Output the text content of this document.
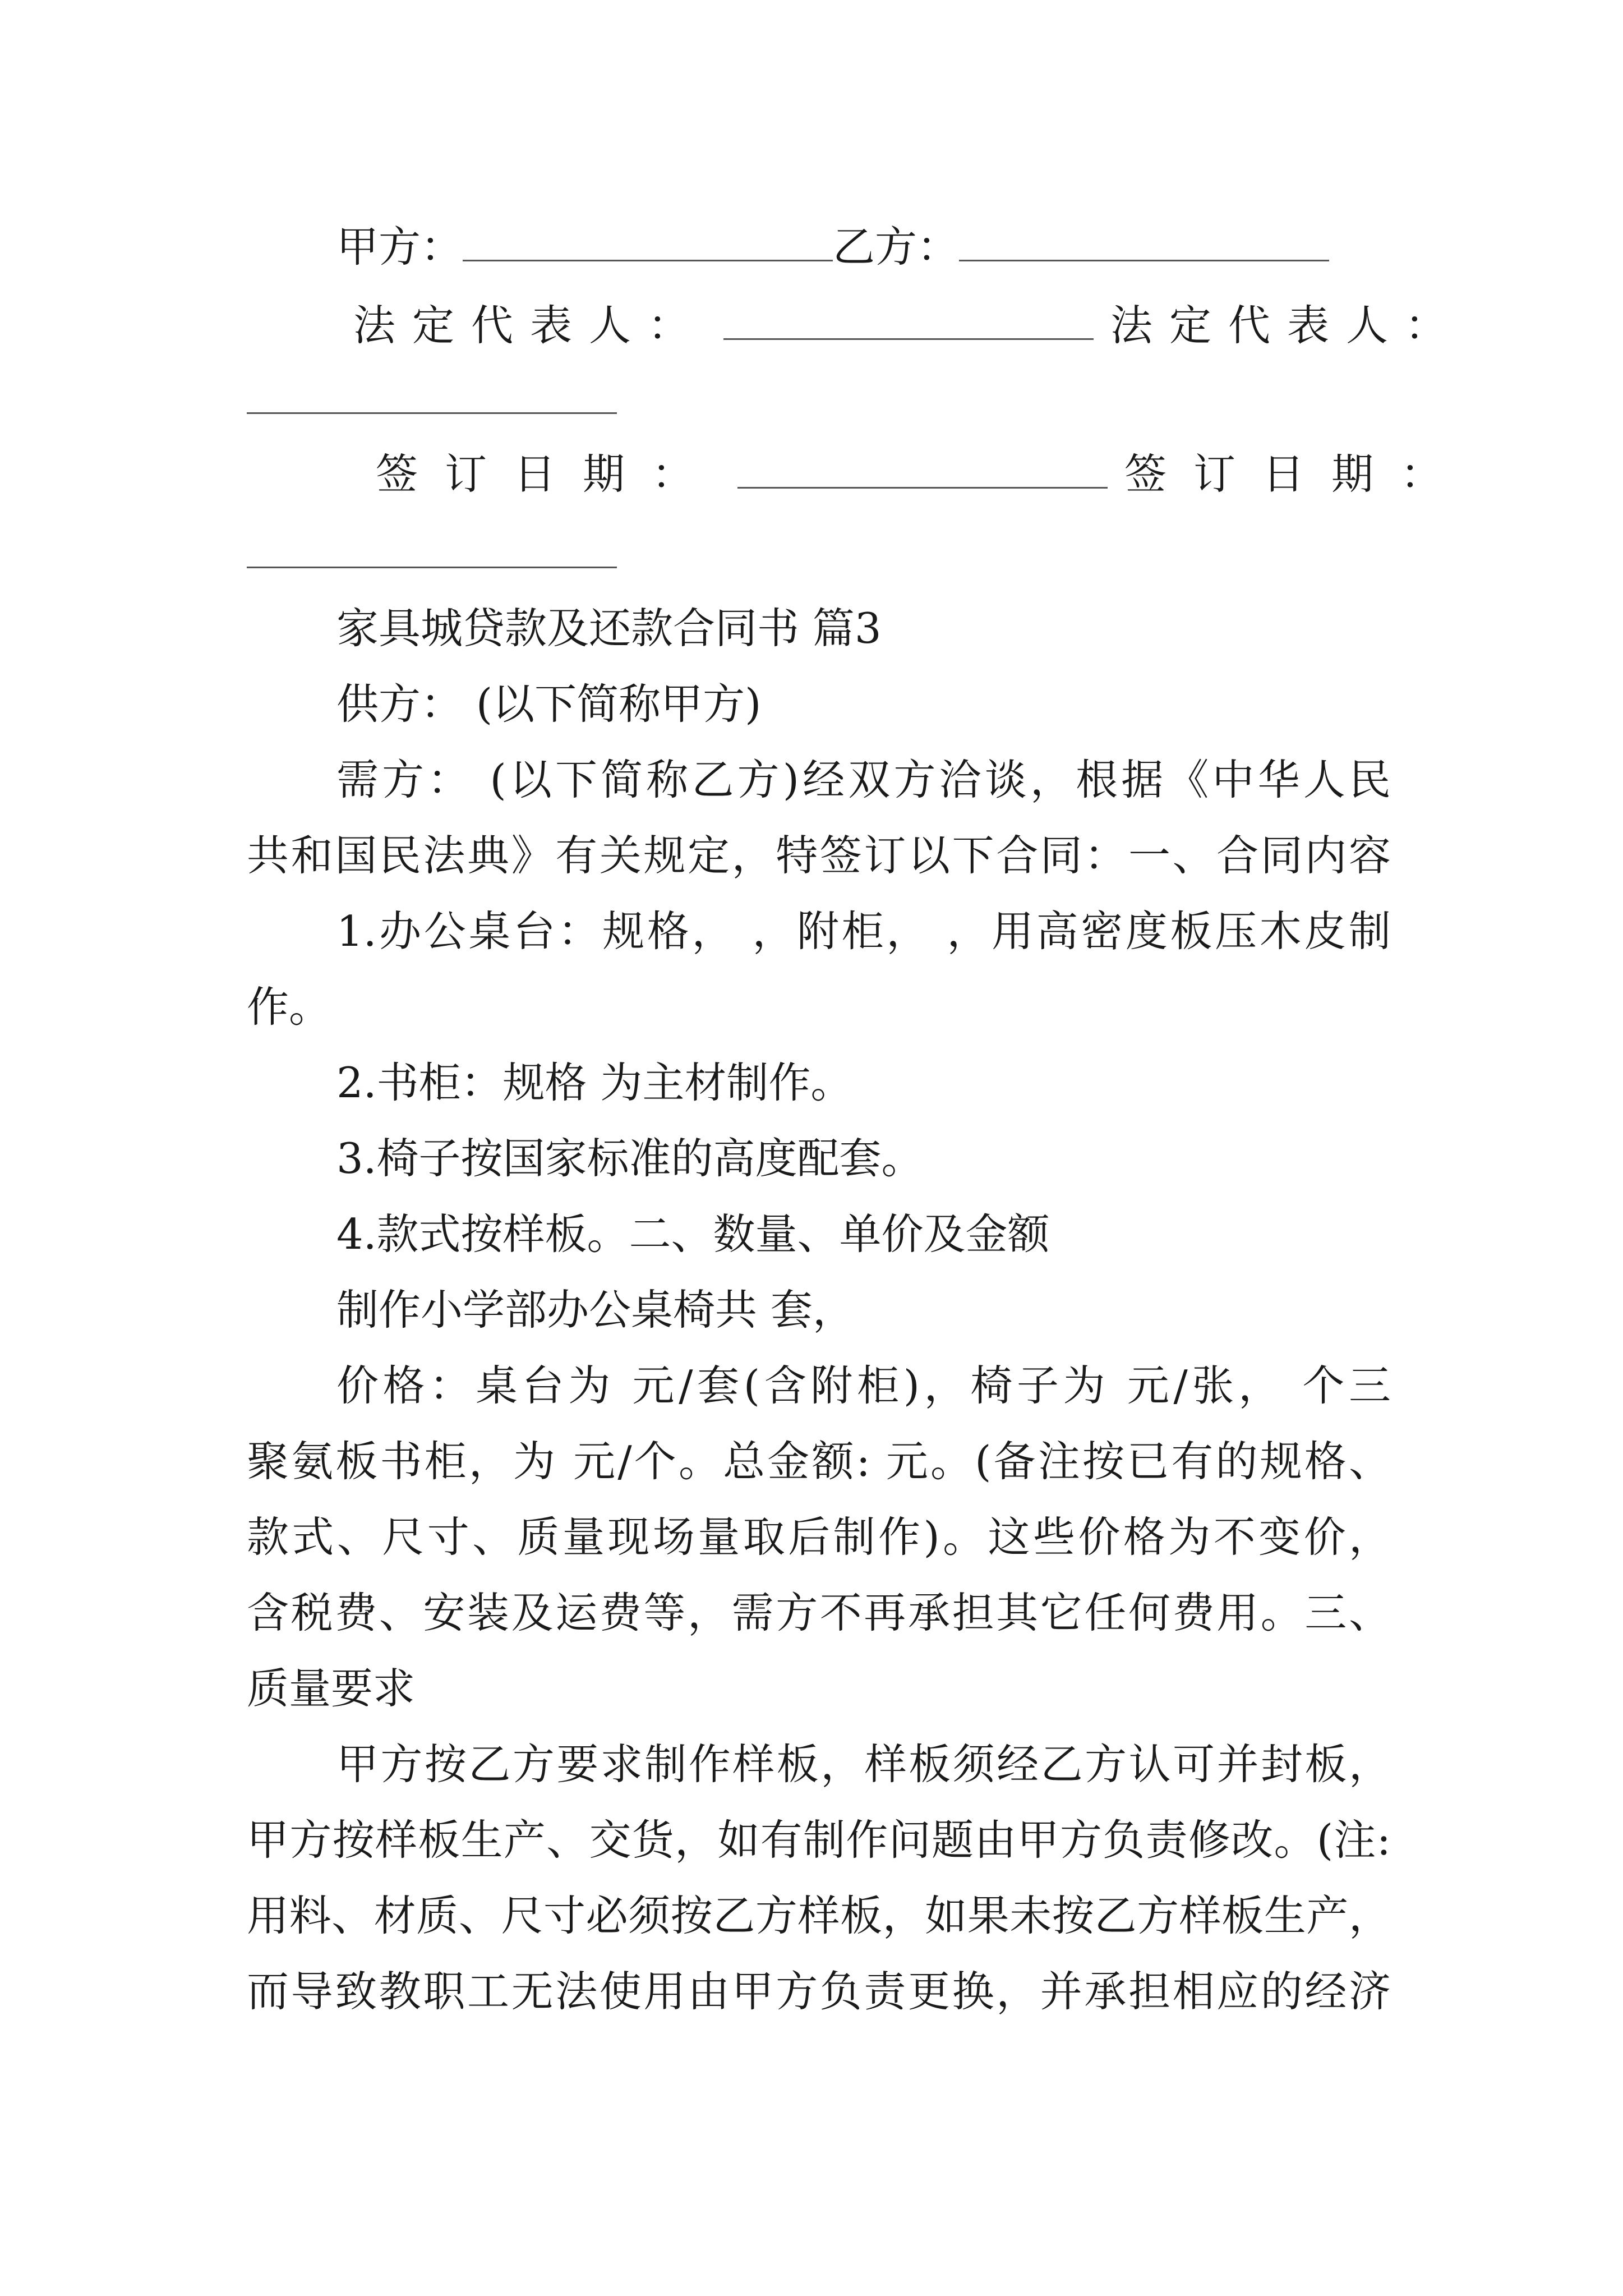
甲方：	乙方：
法定代表人：	法定代表人：
签订日期：	签订日期：
家具城贷款及还款合同书 篇3
供方： (以下简称甲方)
需方： (以下简称乙方)经双方洽谈，根据《中华人民
共和国民法典》有关规定，特签订以下合同：一、合同内容
1.办公桌台：规格， ，附柜， ，用高密度板压木皮制
作。
2.书柜：规格 为主材制作。
3.椅子按国家标准的高度配套。
4.款式按样板。二、数量、单价及金额
制作小学部办公桌椅共 套，
价格：桌台为 元/套(含附柜)，椅子为 元/张， 个三
聚氨板书柜，为 元/个。总金额: 元。(备注按已有的规格、
款式、尺寸、质量现场量取后制作)。这些价格为不变价，
含税费、安装及运费等，需方不再承担其它任何费用。三、
质量要求
甲方按乙方要求制作样板，样板须经乙方认可并封板，
甲方按样板生产、交货，如有制作问题由甲方负责修改。(注:
用料、材质、尺寸必须按乙方样板，如果未按乙方样板生产，
而导致教职工无法使用由甲方负责更换，并承担相应的经济
